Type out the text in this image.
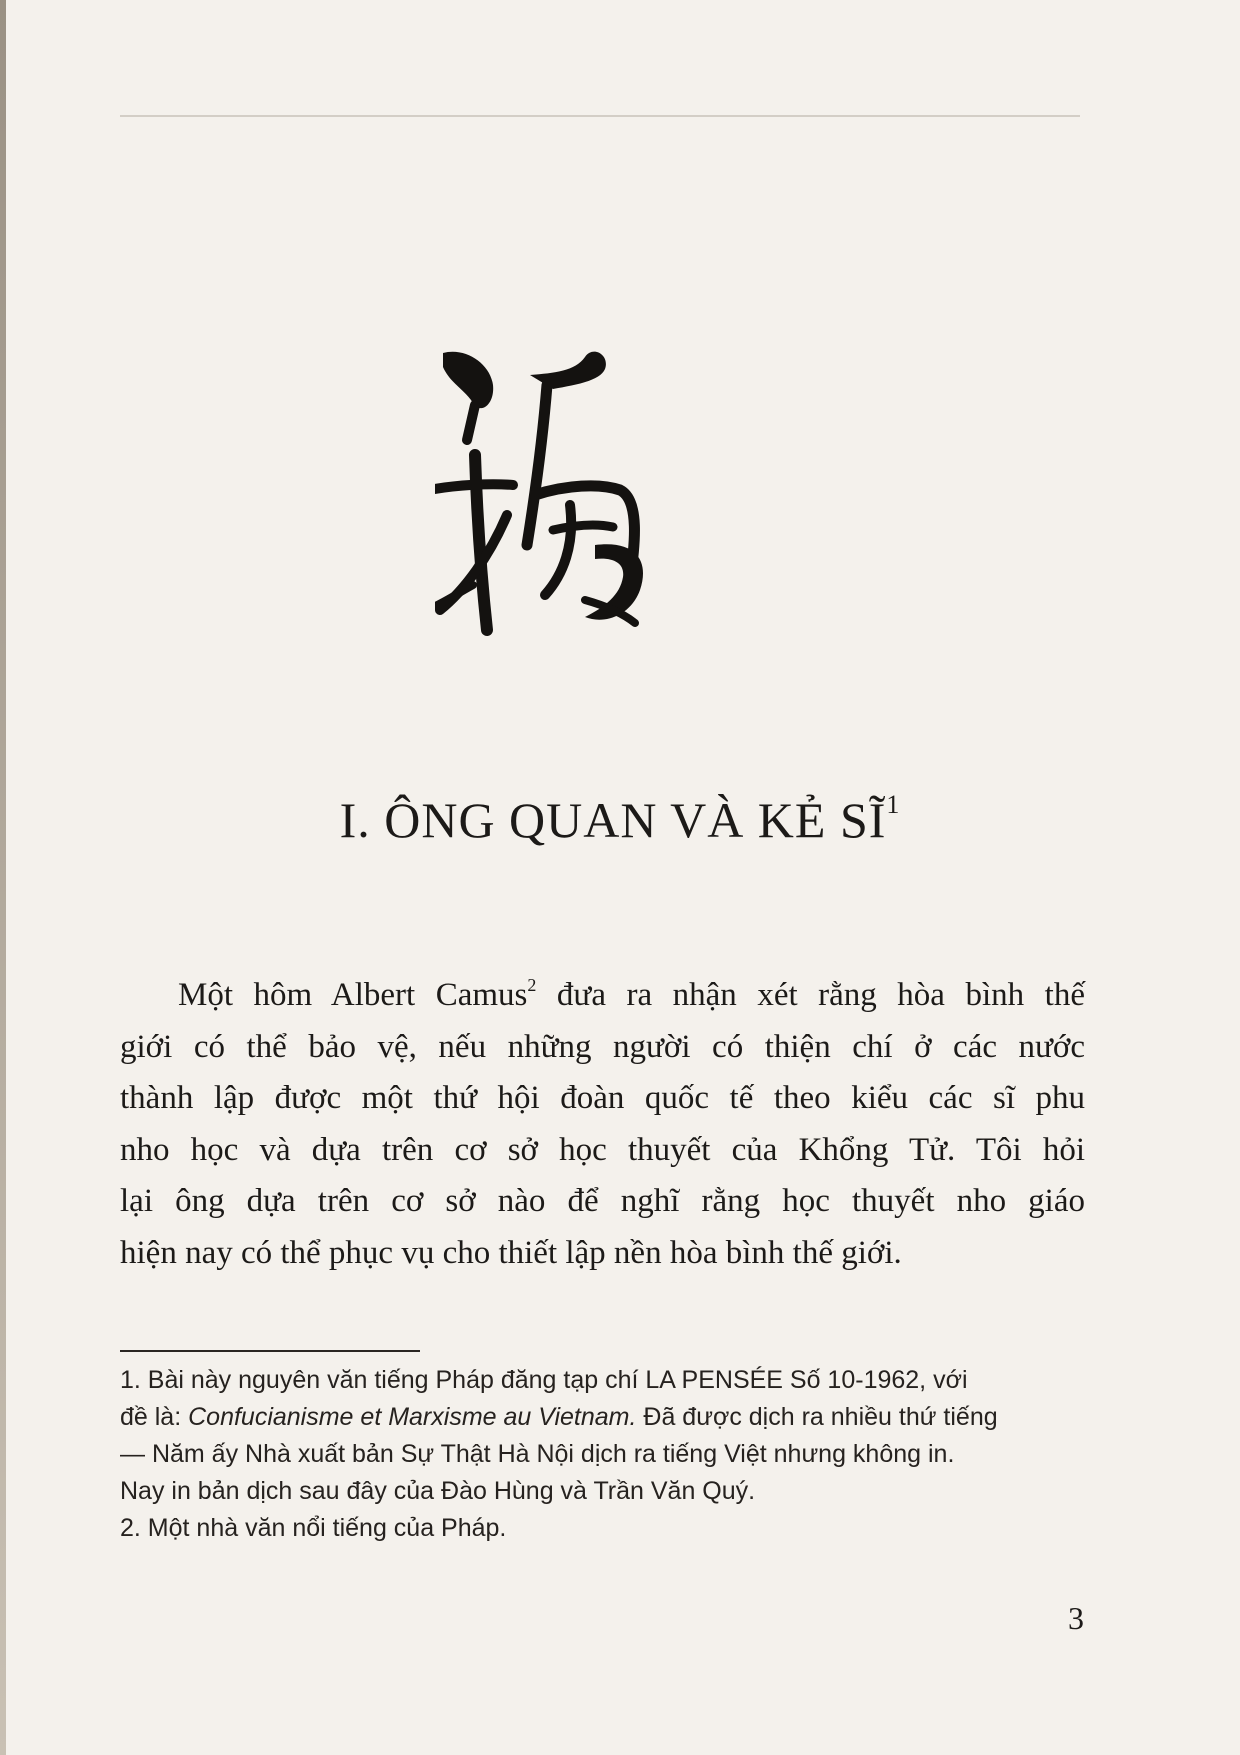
I. ÔNG QUAN VÀ KẺ $SĨ^1$
Một hôm Albert Camus$^2$ đưa ra nhận xét rằng hòa bình thế
giới có thể bảo vệ, nếu những người có thiện chí ở các nước
thành lập được một thứ hội đoàn quốc tế theo kiểu các sĩ phu
nho học và dựa trên cơ sở học thuyết của Khổng Tử. Tôi hỏi
lại ông dựa trên cơ sở nào để nghĩ rằng học thuyết nho giáo
hiện nay có thể phục vụ cho thiết lập nền hòa bình thế giới.
1. Bài này nguyên văn tiếng Pháp đăng tạp chí LA PENSÉE Số 10-1962, với
đề là: Confucianisme et Marxisme au Vietnam. Đã được dịch ra nhiều thứ tiếng
— Năm ấy Nhà xuất bản Sự Thật Hà Nội dịch ra tiếng Việt nhưng không in.
Nay in bản dịch sau đây của Đào Hùng và Trần Văn Quý.
2. Một nhà văn nổi tiếng của Pháp.
3
